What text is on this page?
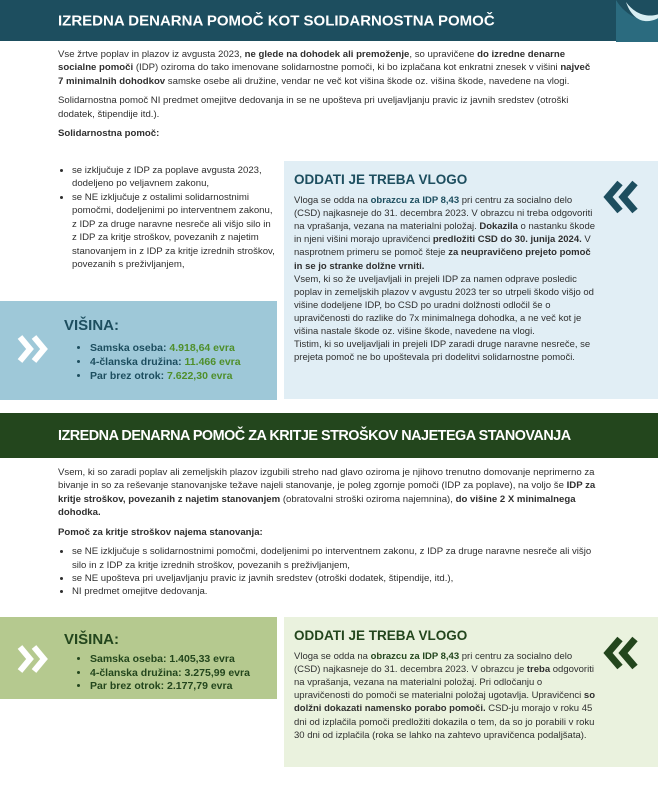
IZREDNA DENARNA POMOČ KOT SOLIDARNOSTNA POMOČ

Vse žrtve poplav in plazov iz avgusta 2023, ne glede na dohodek ali premoženje, so upravičene do izredne denarne socialne pomoči (IDP) oziroma do tako imenovane solidarnostne pomoči, ki bo izplačana kot enkratni znesek v višini največ 7 minimalnih dohodkov samske osebe ali družine, vendar ne več kot višina škode oz. višina škode, navedene na vlogi.

Solidarnostna pomoč NI predmet omejitve dedovanja in se ne upošteva pri uveljavljanju pravic iz javnih sredstev (otroški dodatek, štipendije itd.).

Solidarnostna pomoč:

• se izključuje z IDP za poplave avgusta 2023, dodeljeno po veljavnem zakonu,
• se NE izključuje z ostalimi solidarnostnimi pomočmi, dodeljenimi po interventnem zakonu, z IDP za druge naravne nesreče ali višjo silo in z IDP za kritje stroškov, povezanih z najetim stanovanjem in z IDP za kritje izrednih stroškov, povezanih s preživljanjem,
VIŠINA:
• Samska oseba: 4.918,64 evra
• 4-članska družina: 11.466 evra
• Par brez otrok: 7.622,30 evra
ODDATI JE TREBA VLOGO

Vloga se odda na obrazcu za IDP 8,43 pri centru za socialno delo (CSD) najkasneje do 31. decembra 2023. V obrazcu ni treba odgovoriti na vprašanja, vezana na materialni položaj. Dokazila o nastanku škode in njeni višini morajo upravičenci predložiti CSD do 30. junija 2024. V nasprotnem primeru se pomoč šteje za neupravičeno prejeto pomoč in se jo stranke dolžne vrniti.

Vsem, ki so že uveljavljali in prejeli IDP za namen odprave posledic poplav in zemeljskih plazov v avgustu 2023 ter so utrpeli škodo višjo od višine dodeljene IDP, bo CSD po uradni dolžnosti odločil še o upravičenosti do razlike do 7x minimalnega dohodka, a ne več kot je višina nastale škode oz. višine škode, navedene na vlogi.

Tistim, ki so uveljavljali in prejeli IDP zaradi druge naravne nesreče, se prejeta pomoč ne bo upoštevala pri dodelitvi solidarnostne pomoči.

IZREDNA DENARNA POMOČ ZA KRITJE STROŠKOV NAJETEGA STANOVANJA

Vsem, ki so zaradi poplav ali zemeljskih plazov izgubili streho nad glavo oziroma je njihovo trenutno domovanje neprimerno za bivanje in so za reševanje stanovanjske težave najeli stanovanje, je poleg zgornje pomoči (IDP za poplave), na voljo še IDP za kritje stroškov, povezanih z najetim stanovanjem (obratovalni stroški oziroma najemnina), do višine 2 X minimalnega dohodka.

Pomoč za kritje stroškov najema stanovanja:

• se NE izključuje s solidarnostnimi pomočmi, dodeljenimi po interventnem zakonu, z IDP za druge naravne nesreče ali višjo silo in z IDP za kritje izrednih stroškov, povezanih s preživljanjem,
• se NE upošteva pri uveljavljanju pravic iz javnih sredstev (otroški dodatek, štipendije, itd.),
• NI predmet omejitve dedovanja.
VIŠINA:
• Samska oseba: 1.405,33 evra
• 4-članska družina: 3.275,99 evra
• Par brez otrok: 2.177,79 evra
ODDATI JE TREBA VLOGO

Vloga se odda na obrazcu za IDP 8,43 pri centru za socialno delo (CSD) najkasneje do 31. decembra 2023. V obrazcu je treba odgovoriti na vprašanja, vezana na materialni položaj. Pri odločanju o upravičenosti do pomoči se materialni položaj ugotavlja. Upravičenci so dolžni dokazati namensko porabo pomoči. CSD-ju morajo v roku 45 dni od izplačila pomoči predložiti dokazila o tem, da so jo porabili v roku 30 dni od izplačila (roka se lahko na zahtevo upravičenca podaljšata).
